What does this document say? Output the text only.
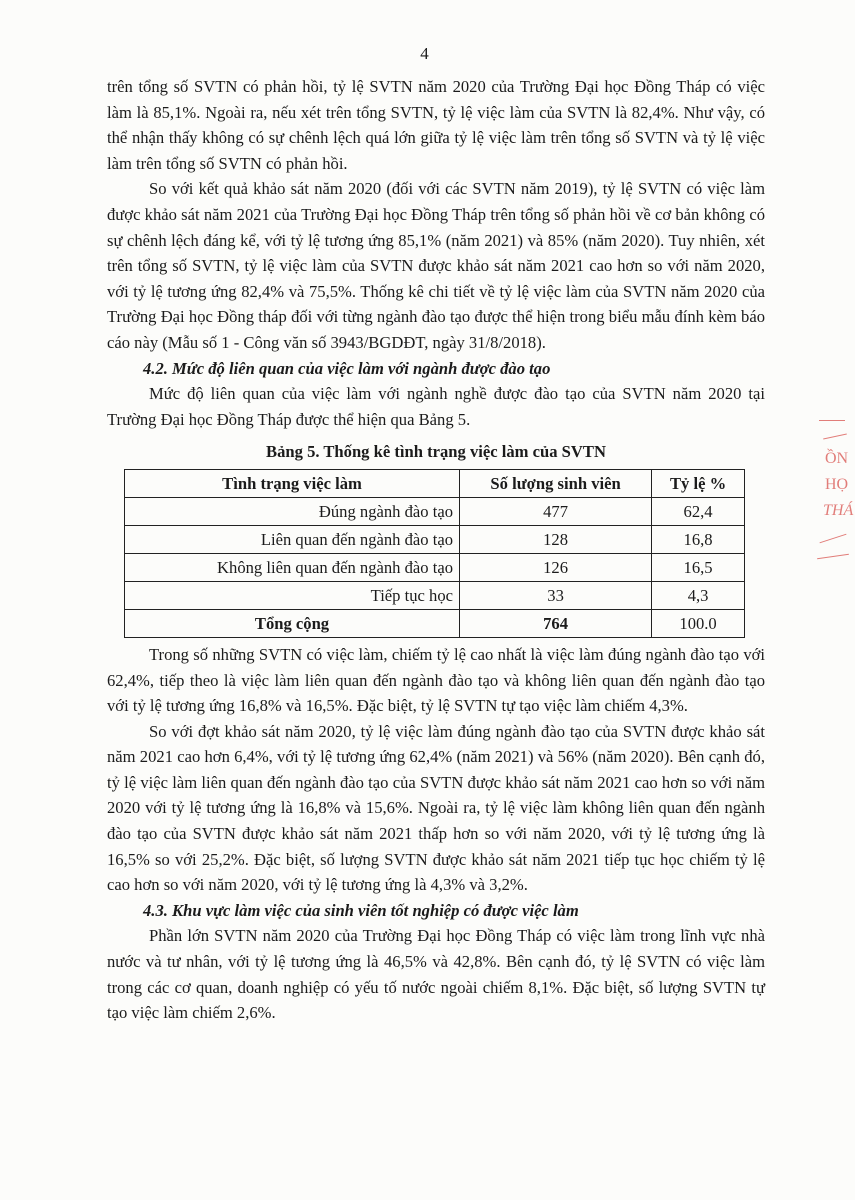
4

trên tổng số SVTN có phản hồi, tỷ lệ SVTN năm 2020 của Trường Đại học Đồng Tháp có việc làm là 85,1%. Ngoài ra, nếu xét trên tổng SVTN, tỷ lệ việc làm của SVTN là 82,4%. Như vậy, có thể nhận thấy không có sự chênh lệch quá lớn giữa tỷ lệ việc làm trên tổng số SVTN và tỷ lệ việc làm trên tổng số SVTN có phản hồi.

So với kết quả khảo sát năm 2020 (đối với các SVTN năm 2019), tỷ lệ SVTN có việc làm được khảo sát năm 2021 của Trường Đại học Đồng Tháp trên tổng số phản hồi về cơ bản không có sự chênh lệch đáng kể, với tỷ lệ tương ứng 85,1% (năm 2021) và 85% (năm 2020). Tuy nhiên, xét trên tổng số SVTN, tỷ lệ việc làm của SVTN được khảo sát năm 2021 cao hơn so với năm 2020, với tỷ lệ tương ứng 82,4% và 75,5%. Thống kê chi tiết về tỷ lệ việc làm của SVTN năm 2020 của Trường Đại học Đồng tháp đối với từng ngành đào tạo được thể hiện trong biểu mẫu đính kèm báo cáo này (Mẫu số 1 - Công văn số 3943/BGDĐT, ngày 31/8/2018).

4.2. Mức độ liên quan của việc làm với ngành được đào tạo

Mức độ liên quan của việc làm với ngành nghề được đào tạo của SVTN năm 2020 tại Trường Đại học Đồng Tháp được thể hiện qua Bảng 5.

Bảng 5. Thống kê tình trạng việc làm của SVTN
Tình trạng việc làm	Số lượng sinh viên	Tỷ lệ %
Đúng ngành đào tạo	477	62,4
Liên quan đến ngành đào tạo	128	16,8
Không liên quan đến ngành đào tạo	126	16,5
Tiếp tục học	33	4,3
Tổng cộng	764	100.0

Trong số những SVTN có việc làm, chiếm tỷ lệ cao nhất là việc làm đúng ngành đào tạo với 62,4%, tiếp theo là việc làm liên quan đến ngành đào tạo và không liên quan đến ngành đào tạo với tỷ lệ tương ứng 16,8% và 16,5%. Đặc biệt, tỷ lệ SVTN tự tạo việc làm chiếm 4,3%.

So với đợt khảo sát năm 2020, tỷ lệ việc làm đúng ngành đào tạo của SVTN được khảo sát năm 2021 cao hơn 6,4%, với tỷ lệ tương ứng 62,4% (năm 2021) và 56% (năm 2020). Bên cạnh đó, tỷ lệ việc làm liên quan đến ngành đào tạo của SVTN được khảo sát năm 2021 cao hơn so với năm 2020 với tỷ lệ tương ứng là 16,8% và 15,6%. Ngoài ra, tỷ lệ việc làm không liên quan đến ngành đào tạo của SVTN được khảo sát năm 2021 thấp hơn so với năm 2020, với tỷ lệ tương ứng là 16,5% so với 25,2%. Đặc biệt, số lượng SVTN được khảo sát năm 2021 tiếp tục học chiếm tỷ lệ cao hơn so với năm 2020, với tỷ lệ tương ứng là 4,3% và 3,2%.

4.3. Khu vực làm việc của sinh viên tốt nghiệp có được việc làm

Phần lớn SVTN năm 2020 của Trường Đại học Đồng Tháp có việc làm trong lĩnh vực nhà nước và tư nhân, với tỷ lệ tương ứng là 46,5% và 42,8%. Bên cạnh đó, tỷ lệ SVTN có việc làm trong các cơ quan, doanh nghiệp có yếu tố nước ngoài chiếm 8,1%. Đặc biệt, số lượng SVTN tự tạo việc làm chiếm 2,6%.

ỒN
HỌ
THÁ
